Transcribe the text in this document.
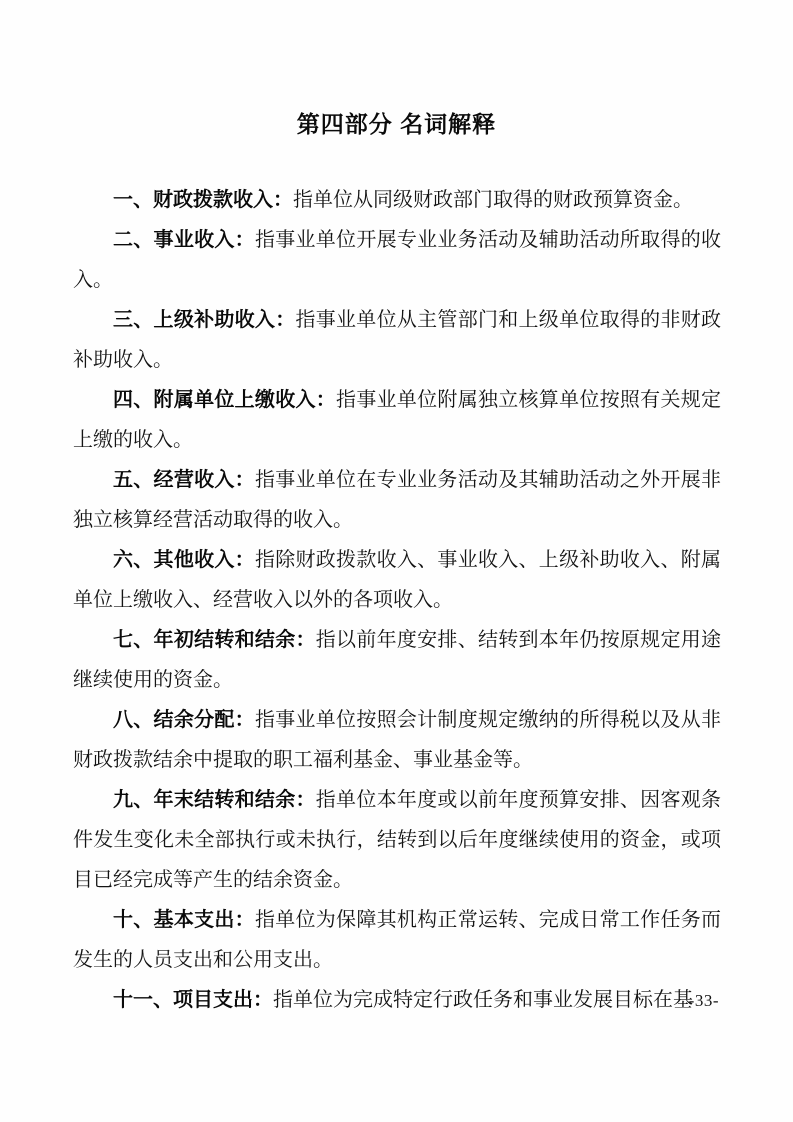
第四部分 名词解释

一、财政拨款收入：指单位从同级财政部门取得的财政预算资金。

二、事业收入：指事业单位开展专业业务活动及辅助活动所取得的收入。

三、上级补助收入：指事业单位从主管部门和上级单位取得的非财政补助收入。

四、附属单位上缴收入：指事业单位附属独立核算单位按照有关规定上缴的收入。

五、经营收入：指事业单位在专业业务活动及其辅助活动之外开展非独立核算经营活动取得的收入。

六、其他收入：指除财政拨款收入、事业收入、上级补助收入、附属单位上缴收入、经营收入以外的各项收入。

七、年初结转和结余：指以前年度安排、结转到本年仍按原规定用途继续使用的资金。

八、结余分配：指事业单位按照会计制度规定缴纳的所得税以及从非财政拨款结余中提取的职工福利基金、事业基金等。

九、年末结转和结余：指单位本年度或以前年度预算安排、因客观条件发生变化未全部执行或未执行，结转到以后年度继续使用的资金，或项目已经完成等产生的结余资金。

十、基本支出：指单位为保障其机构正常运转、完成日常工作任务而发生的人员支出和公用支出。

十一、项目支出：指单位为完成特定行政任务和事业发展目标在基

-33-
